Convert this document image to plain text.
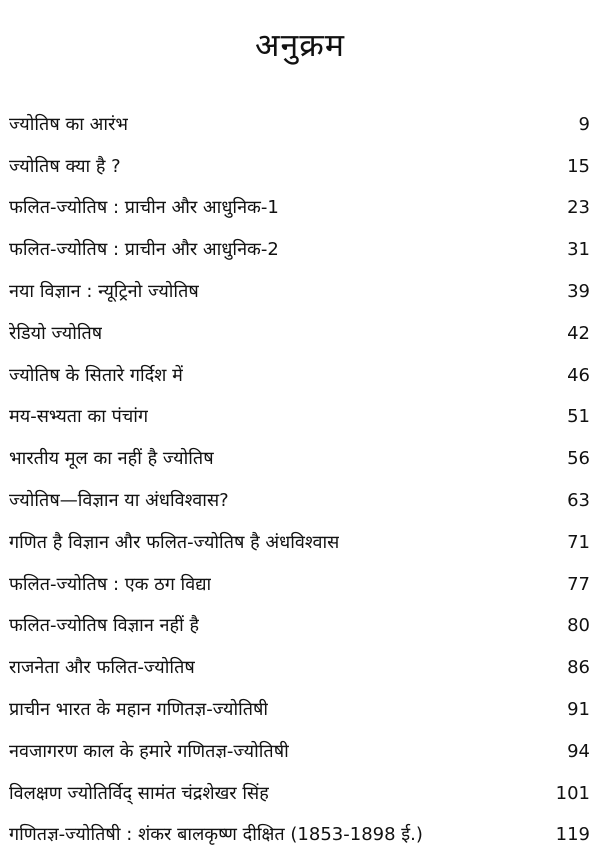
अनुक्रम
ज्योतिष का आरंभ	9
ज्योतिष क्या है ?	15
फलित-ज्योतिष : प्राचीन और आधुनिक-1	23
फलित-ज्योतिष : प्राचीन और आधुनिक-2	31
नया विज्ञान : न्यूट्रिनो ज्योतिष	39
रेडियो ज्योतिष	42
ज्योतिष के सितारे गर्दिश में	46
मय-सभ्यता का पंचांग	51
भारतीय मूल का नहीं है ज्योतिष	56
ज्योतिष—विज्ञान या अंधविश्वास?	63
गणित है विज्ञान और फलित-ज्योतिष है अंधविश्वास	71
फलित-ज्योतिष : एक ठग विद्या	77
फलित-ज्योतिष विज्ञान नहीं है	80
राजनेता और फलित-ज्योतिष	86
प्राचीन भारत के महान गणितज्ञ-ज्योतिषी	91
नवजागरण काल के हमारे गणितज्ञ-ज्योतिषी	94
विलक्षण ज्योतिर्विद् सामंत चंद्रशेखर सिंह	101
गणितज्ञ-ज्योतिषी : शंकर बालकृष्ण दीक्षित (1853-1898 ई.)	119
